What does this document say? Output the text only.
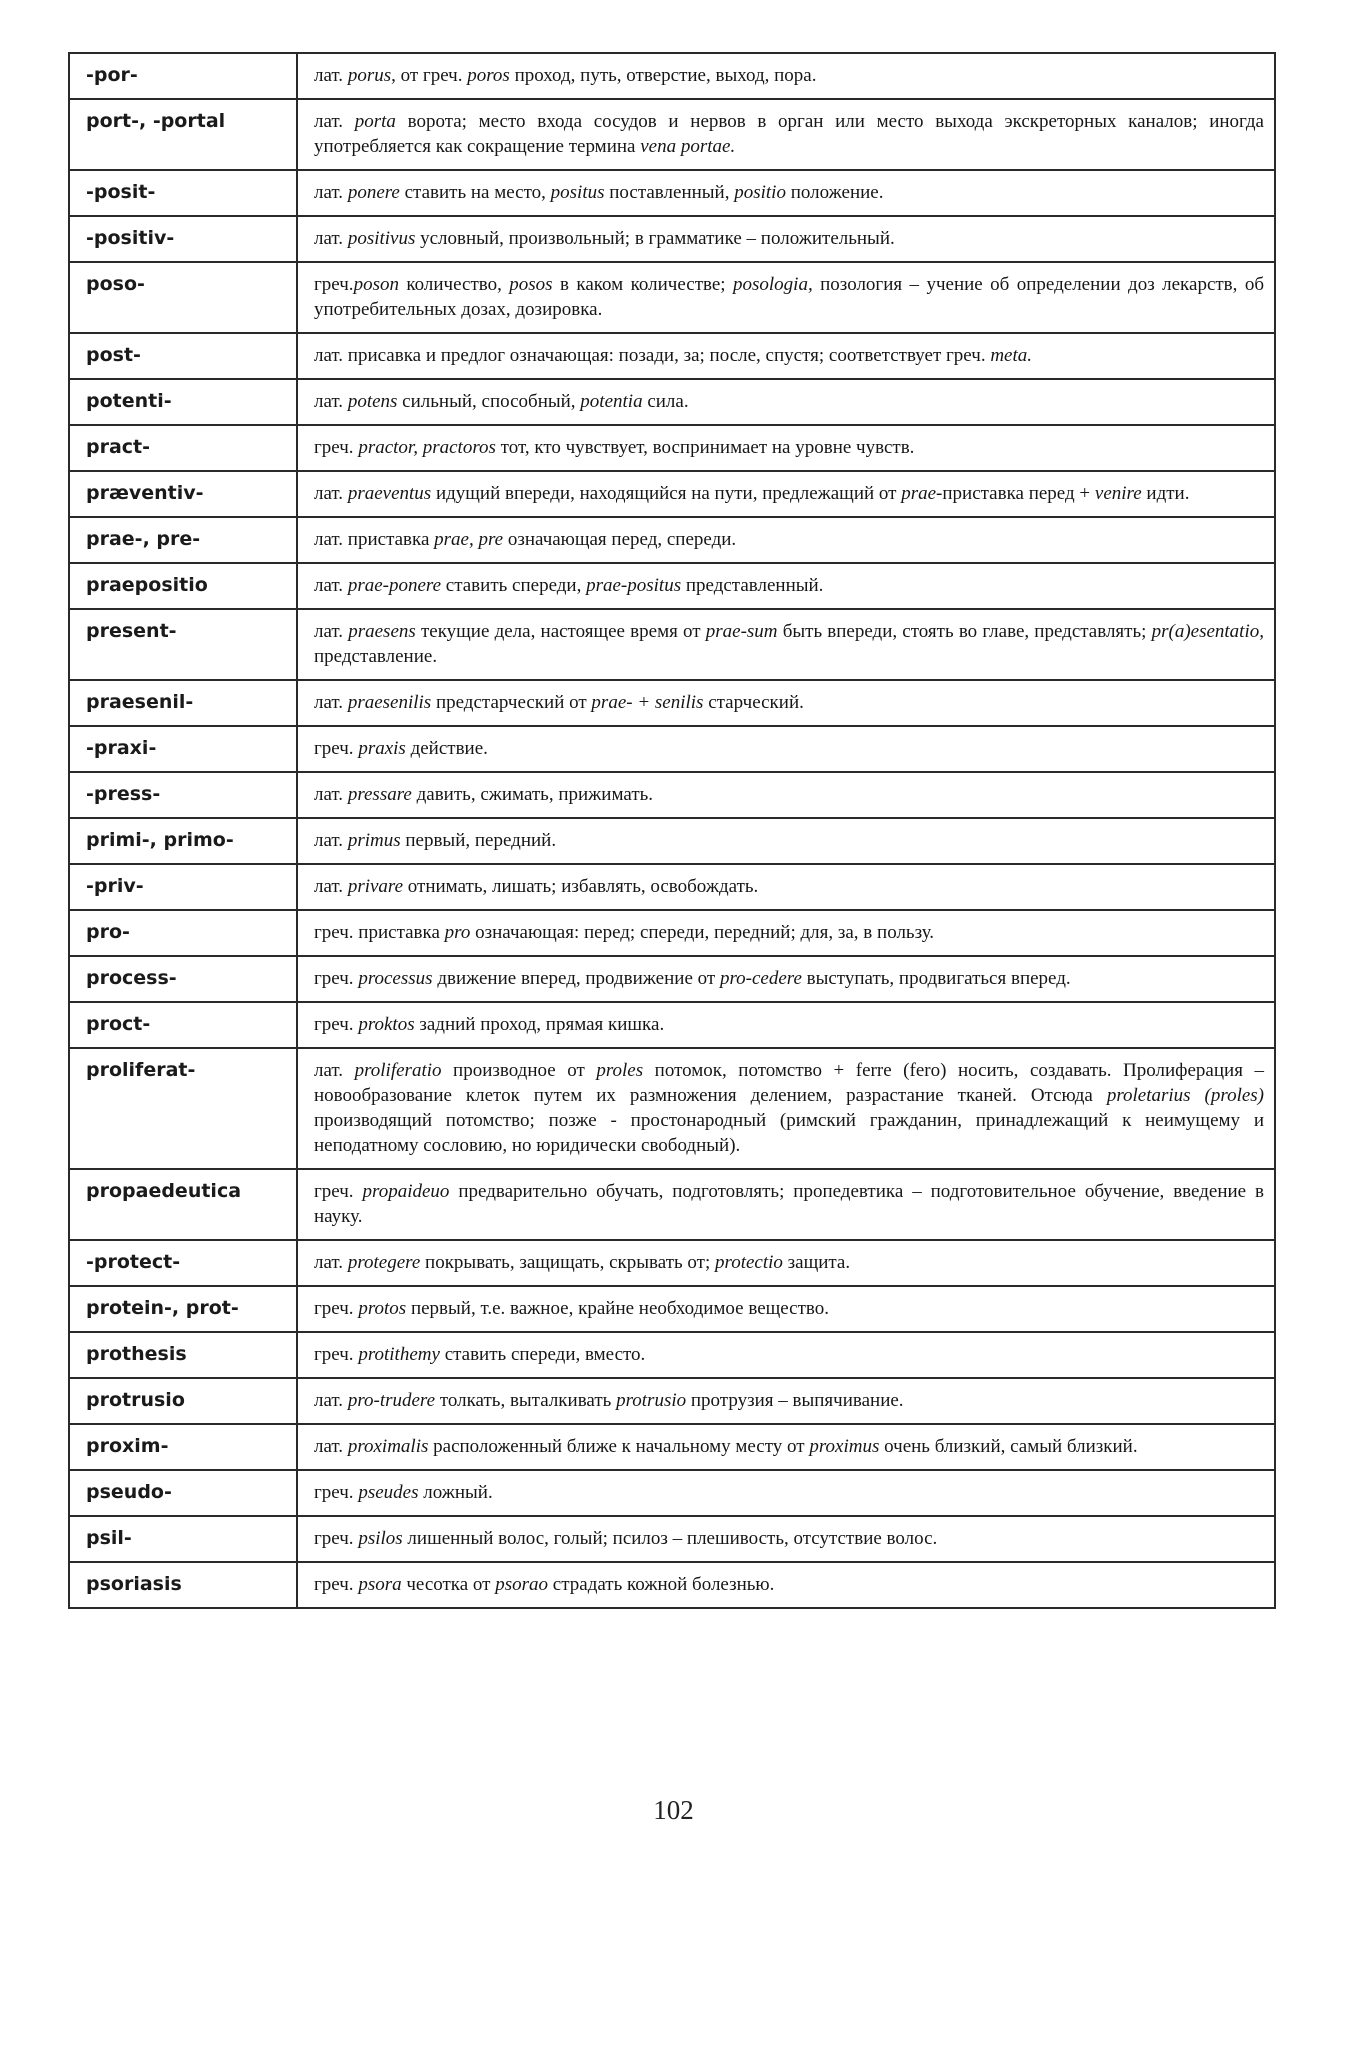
-por-	лат. porus, от греч. poros проход, путь, отверстие, выход, пора.
port-, -portal	лат. porta ворота; место входа сосудов и нервов в орган или место выхода экскреторных каналов; иногда употребляется как сокращение термина vena portae.
-posit-	лат. ponere ставить на место, positus поставленный, positio положение.
-positiv-	лат. positivus условный, произвольный; в грамматике – положительный.
poso-	греч.poson количество, posos в каком количестве; posologia, позология – учение об определении доз лекарств, об употребительных дозах, дозировка.
post-	лат. присавка и предлог означающая: позади, за; после, спустя; соответствует греч. meta.
potenti-	лат. potens сильный, способный, potentia сила.
pract-	греч. practor, practoros тот, кто чувствует, воспринимает на уровне чувств.
præventiv-	лат. praeventus идущий впереди, находящийся на пути, предлежащий от prae-приставка перед + venire идти.
prae-, pre-	лат. приставка prae, pre означающая перед, спереди.
praepositio	лат. prae-ponere ставить спереди, prae-positus представленный.
present-	лат. praesens текущие дела, настоящее время от prae-sum быть впереди, стоять во главе, представлять; pr(a)esentatio, представление.
praesenil-	лат. praesenilis предстарческий от prae- + senilis старческий.
-praxi-	греч. praxis действие.
-press-	лат. pressare давить, сжимать, прижимать.
primi-, primo-	лат. primus первый, передний.
-priv-	лат. privare отнимать, лишать; избавлять, освобождать.
pro-	греч. приставка pro означающая: перед; спереди, передний; для, за, в пользу.
process-	греч. processus движение вперед, продвижение от pro-cedere выступать, продвигаться вперед.
proct-	греч. proktos задний проход, прямая кишка.
proliferat-	лат. proliferatio производное от proles потомок, потомство + ferre (fero) носить, создавать. Пролиферация – новообразование клеток путем их размножения делением, разрастание тканей. Отсюда proletarius (proles) производящий потомство; позже - простонародный (римский гражданин, принадлежащий к неимущему и неподатному сословию, но юридически свободный).
propaedeutica	греч. propaideuo предварительно обучать, подготовлять; пропедевтика – подготовительное обучение, введение в науку.
-protect-	лат. protegere покрывать, защищать, скрывать от; protectio защита.
protein-, prot-	греч. protos первый, т.е. важное, крайне необходимое вещество.
prothesis	греч. protithemy ставить спереди, вместо.
protrusio	лат. pro-trudere толкать, выталкивать protrusio протрузия – выпячивание.
proxim-	лат. proximalis расположенный ближе к начальному месту от proximus очень близкий, самый близкий.
pseudo-	греч. pseudes ложный.
psil-	греч. psilos лишенный волос, голый; псилоз – плешивость, отсутствие волос.
psoriasis	греч. psora чесотка от psorao страдать кожной болезнью.
102
